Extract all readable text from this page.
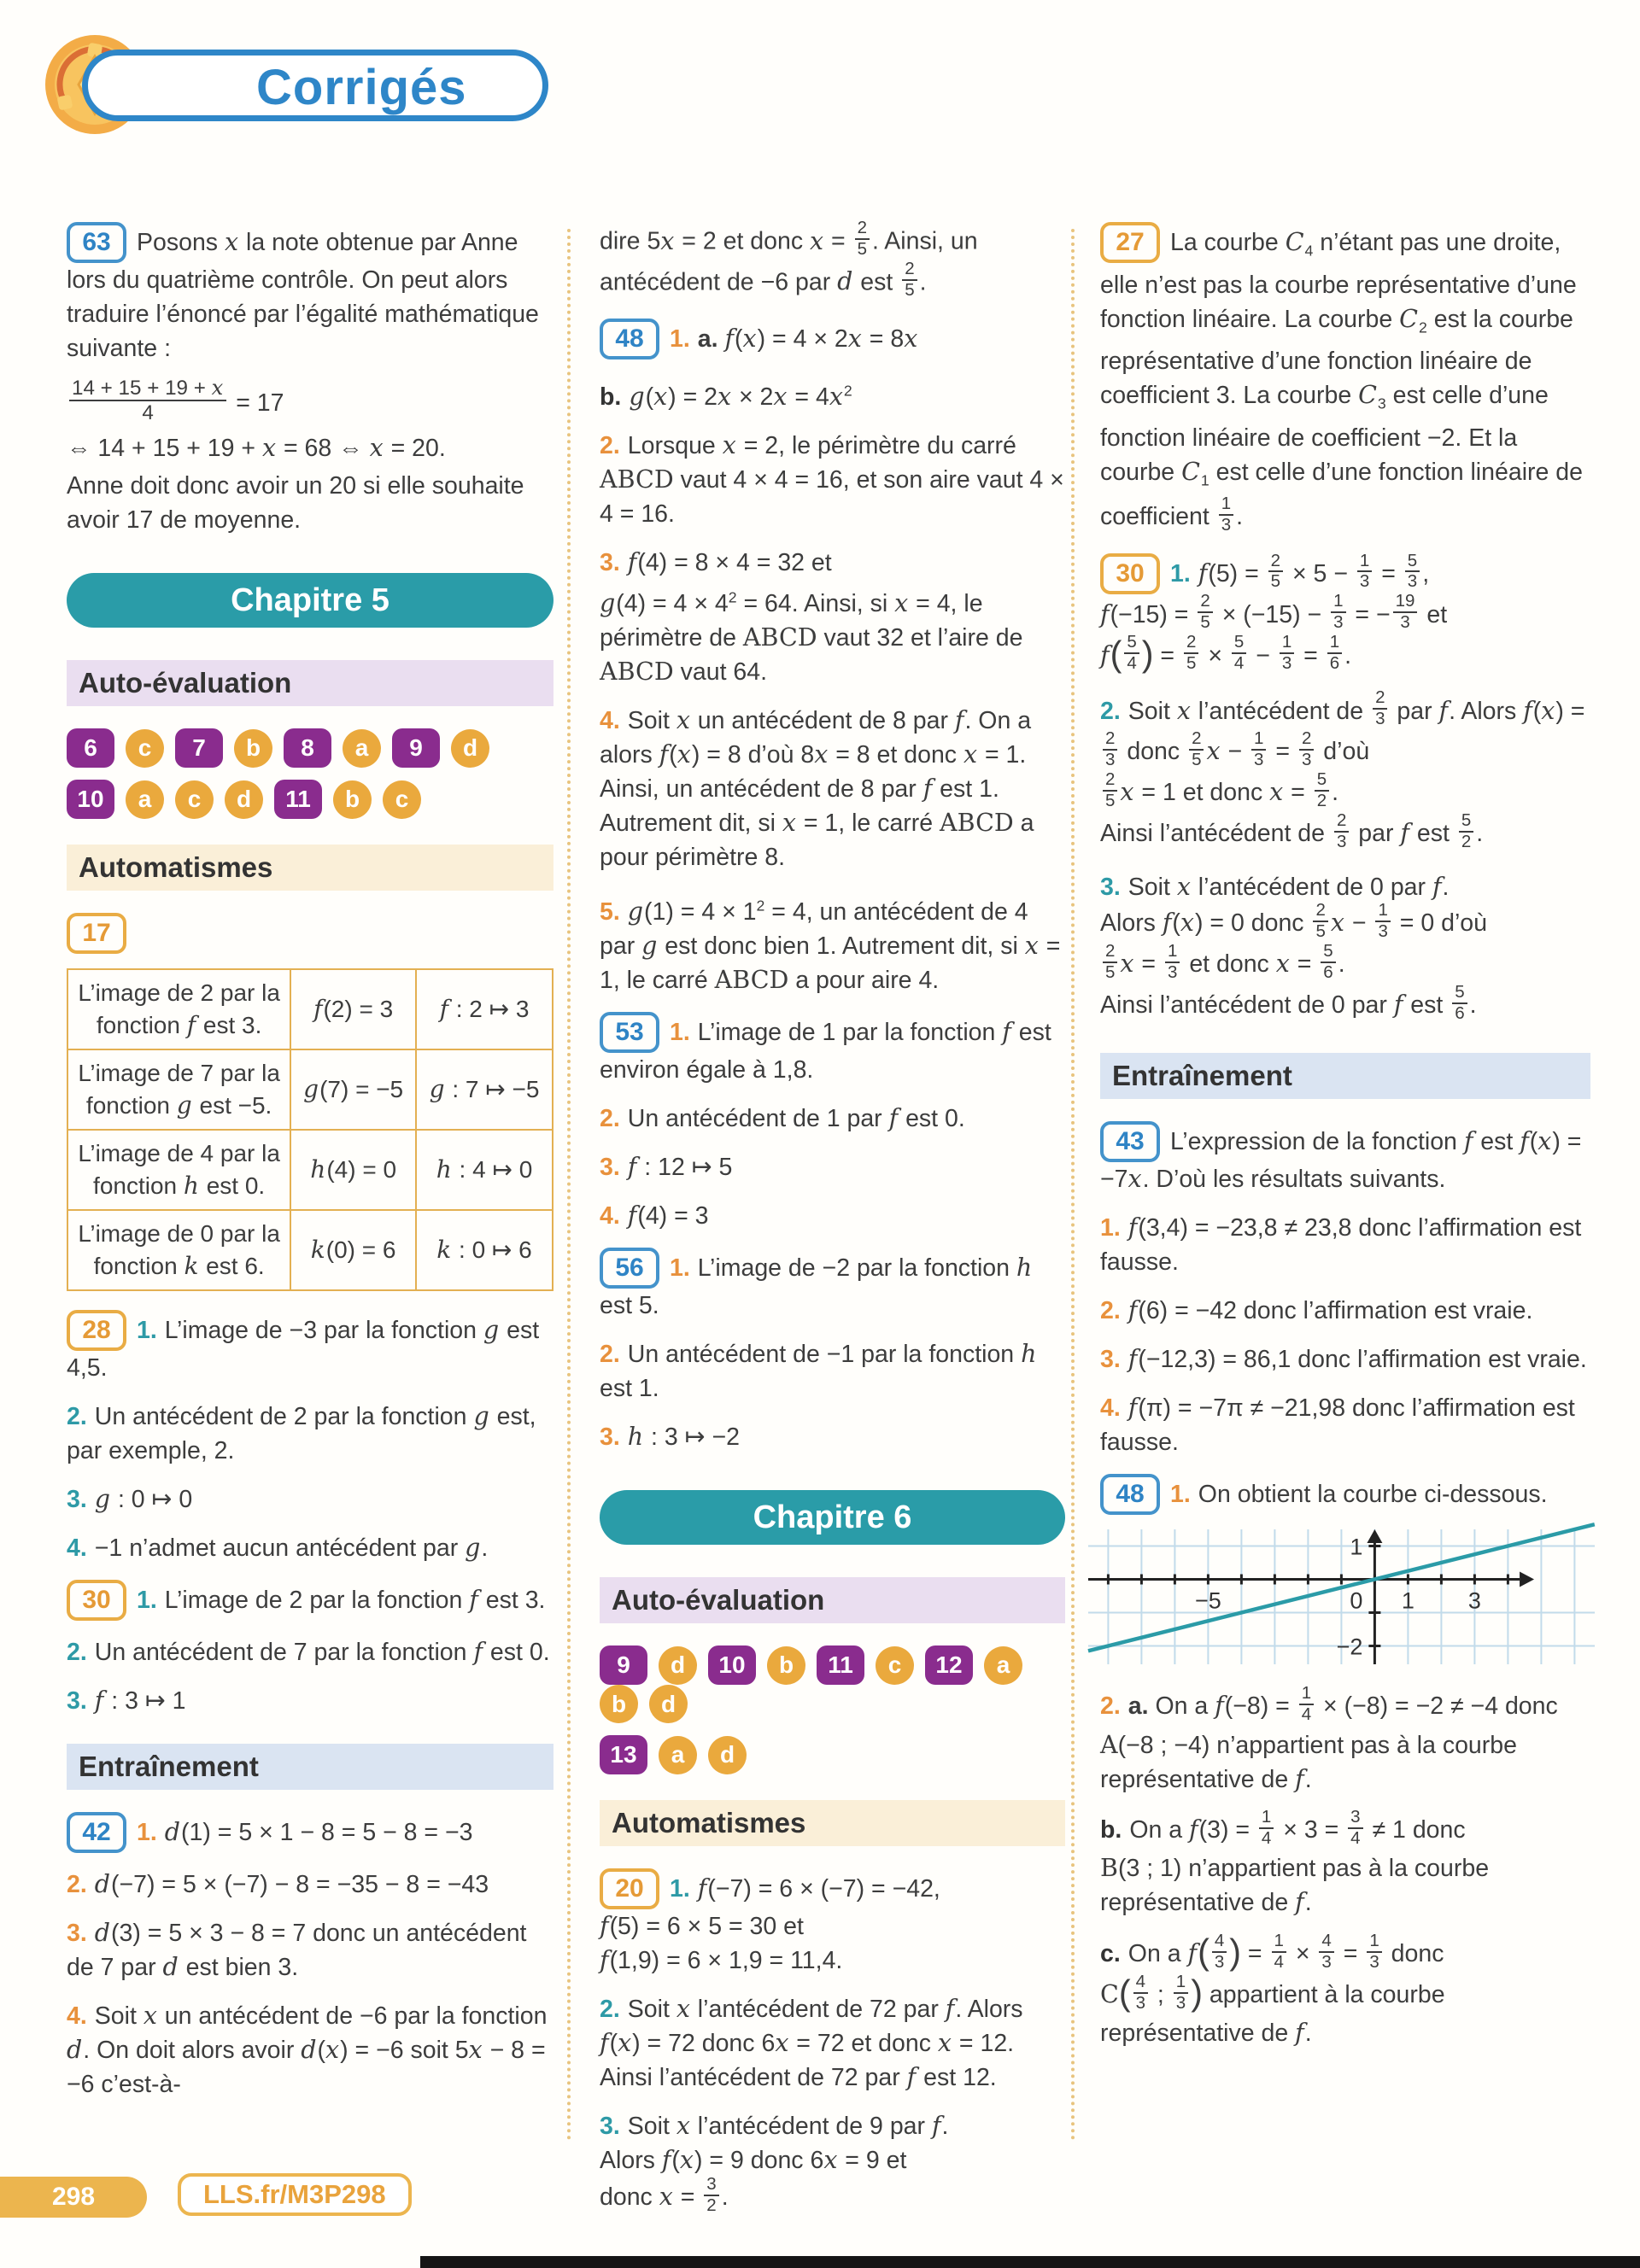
Corrigés

63 Posons x la note obtenue par Anne lors du quatrième contrôle. On peut alors traduire l’énoncé par l’égalité mathématique suivante :

$\frac{14 + 15 + 19 + x}{4} = 17$

⇔ 14 + 15 + 19 + x = 68 ⇔ x = 20.

Anne doit donc avoir un 20 si elle souhaite avoir 17 de moyenne.

Chapitre 5
Auto-évaluation
6 c 7 b 8 a 9 d
10 a c d 11 b c
Automatismes

17

L’image de 2 par la fonction f est 3.	f(2) = 3	f : 2 ↦ 3
L’image de 7 par la fonction g est −5.	g(7) = −5	g : 7 ↦ −5
L’image de 4 par la fonction h est 0.	h(4) = 0	h : 4 ↦ 0
L’image de 0 par la fonction k est 6.	k(0) = 6	k : 0 ↦ 6

28 1. L’image de −3 par la fonction g est 4,5.

2. Un antécédent de 2 par la fonction g est, par exemple, 2.

3. g : 0 ↦ 0

4. −1 n’admet aucun antécédent par g.

30 1. L’image de 2 par la fonction f est 3.

2. Un antécédent de 7 par la fonction f est 0.

3. f : 3 ↦ 1

Entraînement

42 1. d(1) = 5 × 1 − 8 = 5 − 8 = −3

2. d(−7) = 5 × (−7) − 8 = −35 − 8 = −43

3. d(3) = 5 × 3 − 8 = 7 donc un antécédent de 7 par d est bien 3.

4. Soit x un antécédent de −6 par la fonction d. On doit alors avoir d(x) = −6 soit 5x − 8 = −6 c’est-à-

dire 5x = 2 et donc $x = \frac{2}{5}$ . Ainsi, un antécédent de −6 par d est $\frac{2}{5}$ .

48 1. a. f(x) = 4 × 2x = 8x

b. $g(x) = 2x \times 2x = 4x^2$

2. Lorsque x = 2, le périmètre du carré ABCD vaut 4 × 4 = 16, et son aire vaut 4 × 4 = 16.

3. f(4) = 8 × 4 = 32 et
$g(4) = 4 \times 4^2 = 64$. Ainsi, si x = 4, le périmètre de ABCD vaut 32 et l’aire de ABCD vaut 64.

4. Soit x un antécédent de 8 par f. On a alors f(x) = 8 d’où 8x = 8 et donc x = 1. Ainsi, un antécédent de 8 par f est 1. Autrement dit, si x = 1, le carré ABCD a pour périmètre 8.

5. $g(1) = 4 \times 1^2 = 4$, un antécédent de 4 par g est donc bien 1. Autrement dit, si x = 1, le carré ABCD a pour aire 4.

53 1. L’image de 1 par la fonction f est environ égale à 1,8.

2. Un antécédent de 1 par f est 0.

3. f : 12 ↦ 5

4. f(4) = 3

56 1. L’image de −2 par la fonction h est 5.

2. Un antécédent de −1 par la fonction h est 1.

3. h : 3 ↦ −2

Chapitre 6
Auto-évaluation
9 d 10 b 11 c 12 ab d
13 a d
Automatismes

20 1. f(−7) = 6 × (−7) = −42,
f(5) = 6 × 5 = 30 et
f(1,9) = 6 × 1,9 = 11,4.

2. Soit x l’antécédent de 72 par f. Alors f(x) = 72 donc 6x = 72 et donc x = 12. Ainsi l’antécédent de 72 par f est 12.

3. Soit x l’antécédent de 9 par f.
Alors f(x) = 9 donc 6x = 9 et
donc $x = \frac{3}{2}$ .

27 La courbe $C_4$ n’étant pas une droite, elle n’est pas la courbe représentative d’une fonction linéaire. La courbe $C_2$ est la courbe représentative d’une fonction linéaire de coefficient 3. La courbe $C_3$ est celle d’une fonction linéaire de coefficient −2. Et la courbe $C_1$ est celle d’une fonction linéaire de coefficient $\frac{1}{3}$ .

30 1. $f(5) = \frac{2}{5} \times 5 - \frac{1}{3} = \frac{5}{3}$ ,
$f(-15) = \frac{2}{5} \times (-15) - \frac{1}{3}$ = − $\frac{19}{3}$ et
$f( \frac{5}{4}$ ) = $\frac{2}{5} \times \frac{5}{4} - \frac{1}{3} = \frac{1}{6}$ .

2. Soit x l’antécédent de $\frac{2}{3}$ par f. Alors f(x) =
$\frac{2}{3}$ donc $\frac{2}{5}$ $x - \frac{1}{3} = \frac{2}{3}$ d’où

$\frac{2}{5}$ x = 1 et donc $x = \frac{5}{2}$ .
Ainsi l’antécédent de $\frac{2}{3}$ par f est $\frac{5}{2}$ .

3. Soit x l’antécédent de 0 par f.
Alors f(x) = 0 donc $\frac{2}{5}$ $x - \frac{1}{3} = 0$ d’où

$\frac{2}{5}$ $x = \frac{1}{3}$ et donc $x = \frac{5}{6}$ .
Ainsi l’antécédent de 0 par f est $\frac{5}{6}$ .

Entraînement

43 L’expression de la fonction f est f(x) = −7x. D’où les résultats suivants.

1. f(3,4) = −23,8 ≠ 23,8 donc l’affirmation est fausse.

2. f(6) = −42 donc l’affirmation est vraie.

3. f(−12,3) = 86,1 donc l’affirmation est vraie.

4. f(π) = −7π ≠ −21,98 donc l’affirmation est fausse.

48 1. On obtient la courbe ci-dessous.

−5	0 1 3
1
−2

2. a. On a $f(-8) = \frac{1}{4} \times (-8) = -2 \ne -4$ donc A(−8 ; −4) n’appartient pas à la courbe représentative de f.

b. On a $f(3) = \frac{1}{4} \times 3 = \frac{3}{4} \ne 1$ donc
B(3 ; 1) n’appartient pas à la courbe représentative de f.

c. On a $f( \frac{4}{3}$ ) = $\frac{1}{4} \times \frac{4}{3} = \frac{1}{3}$ donc
$C( \frac{4}{3}$ ; $\frac{1}{3}$ ) appartient à la courbe représentative de f.

298	LLS.fr/M3P298
